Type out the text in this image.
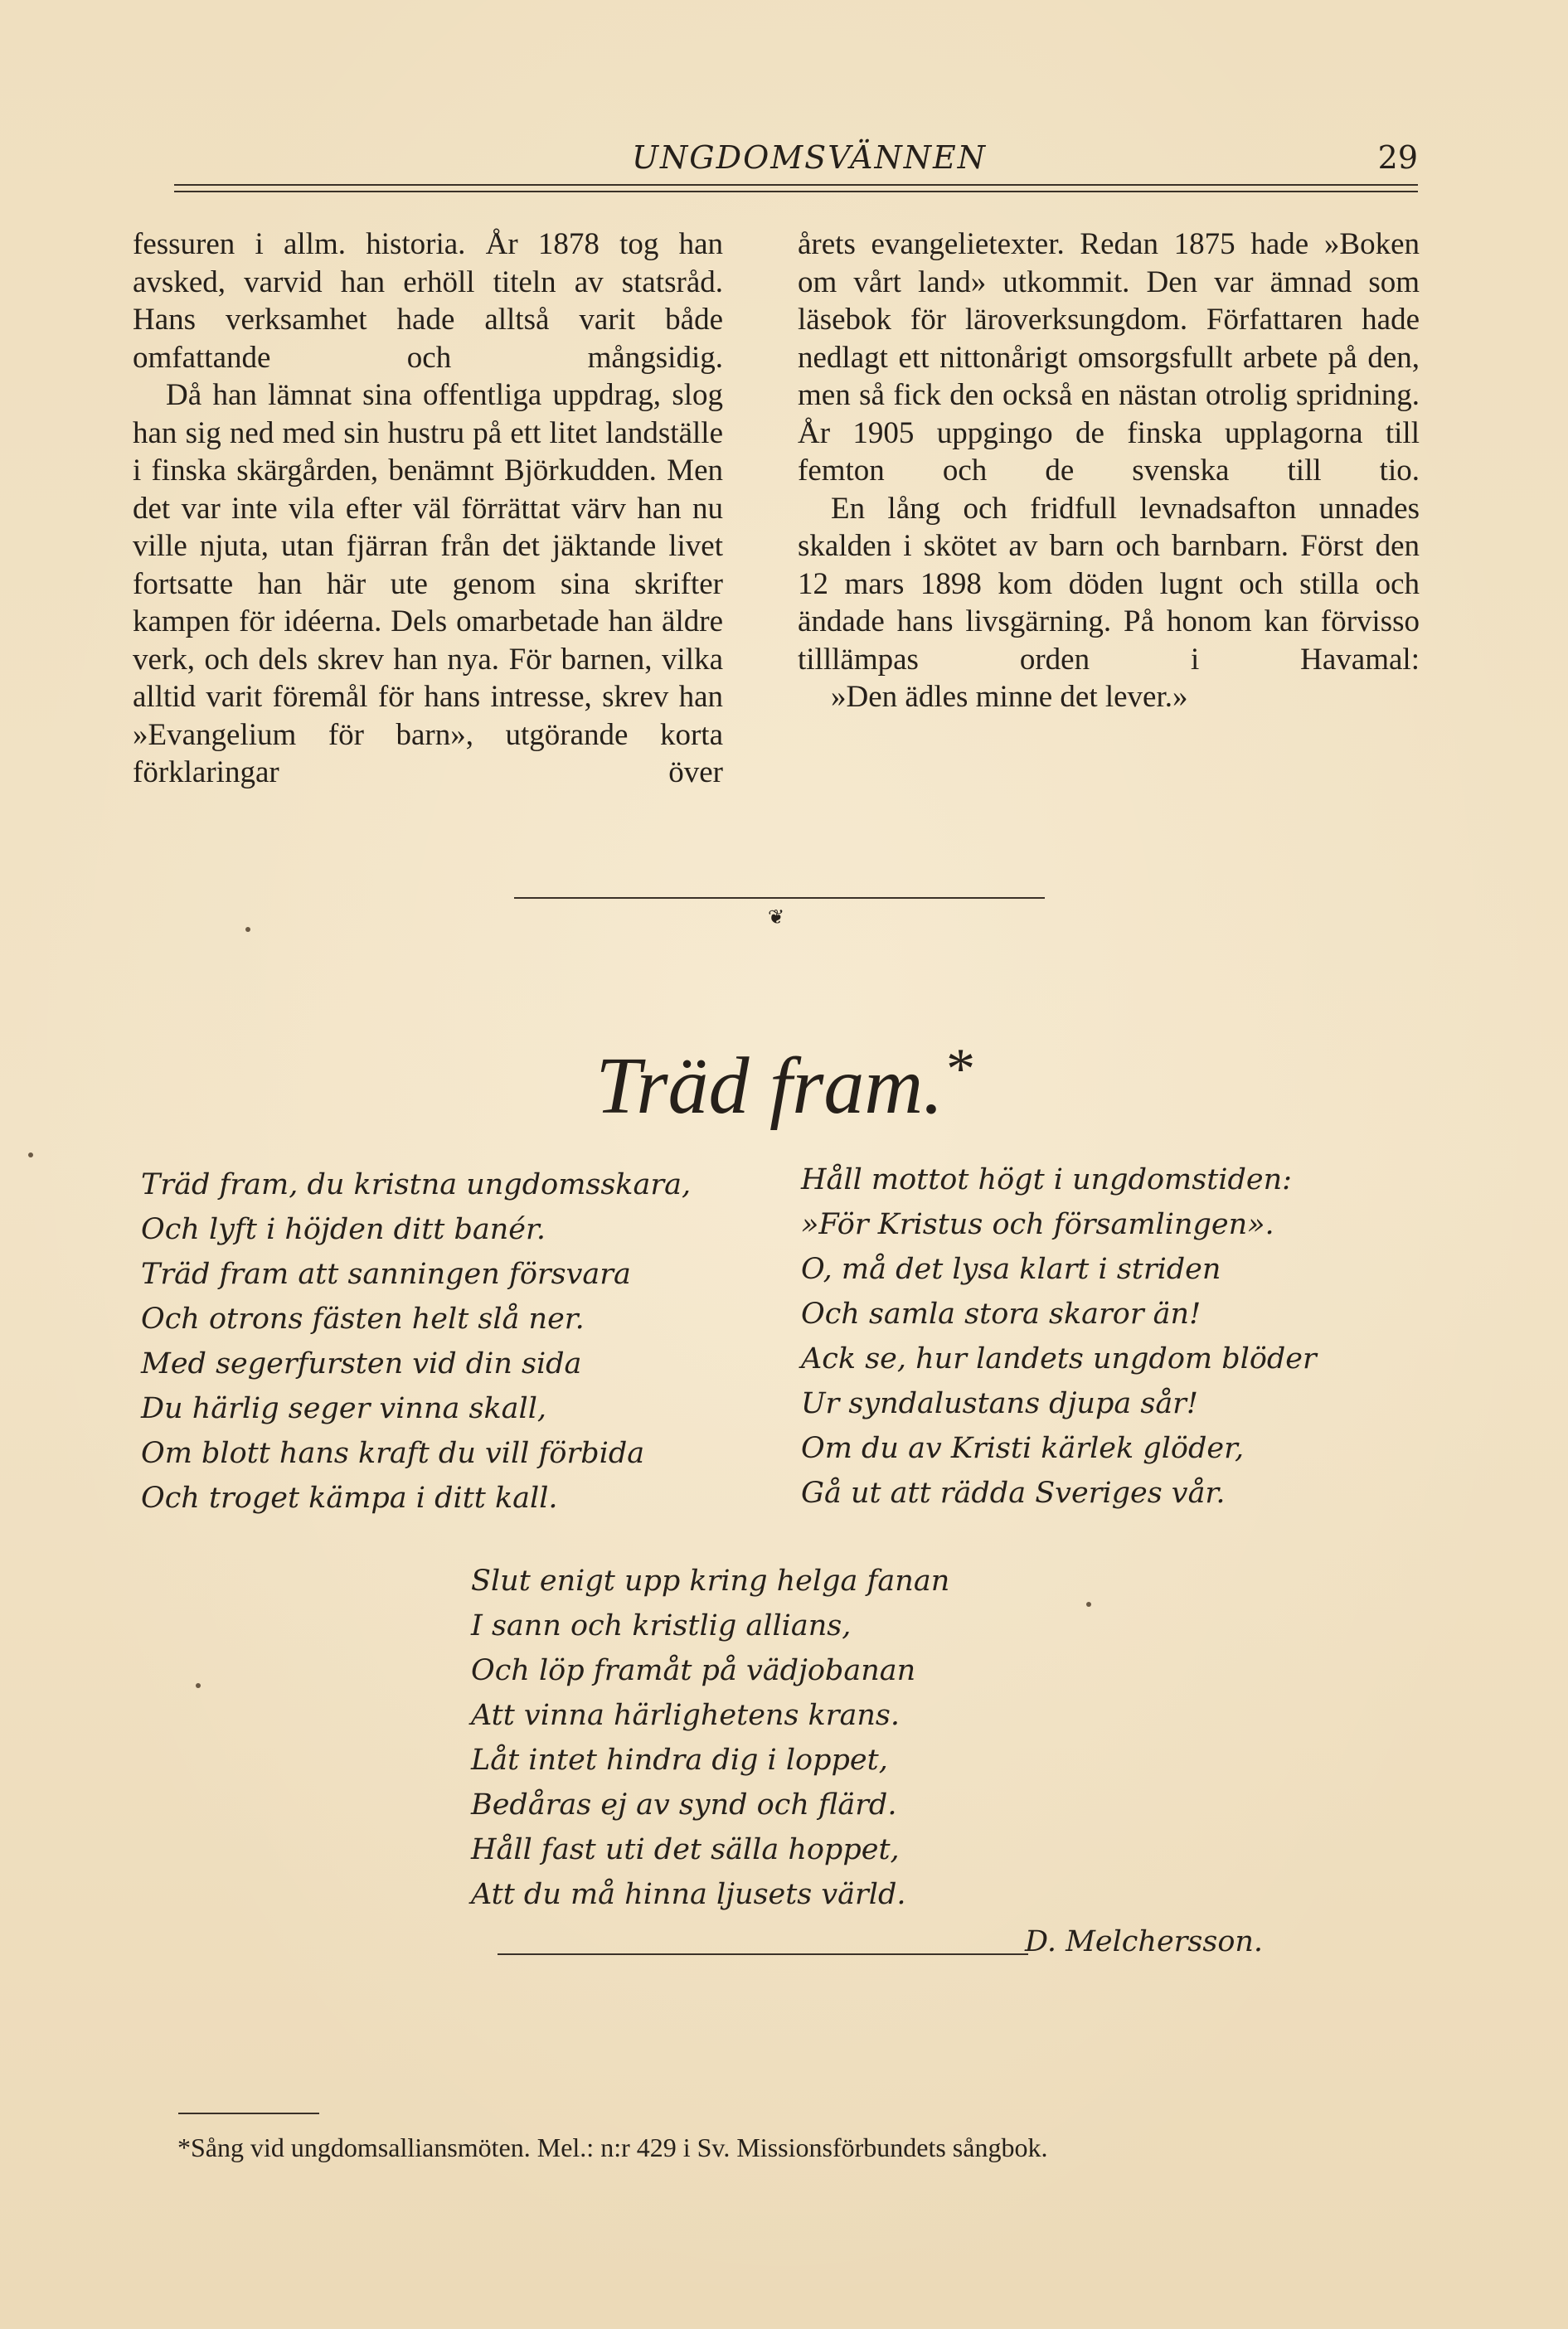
UNGDOMSVÄNNEN	29

fessuren i allm. historia. År 1878 tog han avsked, varvid han erhöll titeln av statsråd. Hans verksamhet hade alltså varit både omfattande och mångsidig.

Då han lämnat sina offentliga uppdrag, slog han sig ned med sin hustru på ett litet landställe i finska skärgården, benämnt Björkudden. Men det var inte vila efter väl förrättat värv han nu ville njuta, utan fjärran från det jäktande livet fortsatte han här ute genom sina skrifter kampen för idéerna. Dels omarbetade han äldre verk, och dels skrev han nya. För barnen, vilka alltid varit föremål för hans intresse, skrev han »Evangelium för barn», utgörande korta förklaringar över

årets evangelietexter. Redan 1875 hade »Boken om vårt land» utkommit. Den var ämnad som läsebok för läroverksungdom. Författaren hade nedlagt ett nittonårigt omsorgsfullt arbete på den, men så fick den också en nästan otrolig spridning. År 1905 uppgingo de finska upplagorna till femton och de svenska till tio.

En lång och fridfull levnadsafton unnades skalden i skötet av barn och barnbarn. Först den 12 mars 1898 kom döden lugnt och stilla och ändade hans livsgärning. På honom kan förvisso tilllämpas orden i Havamal:

»Den ädles minne det lever.»

❦
Träd fram.*
Träd fram, du kristna ungdomsskara,
Och lyft i höjden ditt banér.
Träd fram att sanningen försvara
Och otrons fästen helt slå ner.
Med segerfursten vid din sida
Du härlig seger vinna skall,
Om blott hans kraft du vill förbida
Och troget kämpa i ditt kall.
Håll mottot högt i ungdomstiden:
»För Kristus och församlingen».
O, må det lysa klart i striden
Och samla stora skaror än!
Ack se, hur landets ungdom blöder
Ur syndalustans djupa sår!
Om du av Kristi kärlek glöder,
Gå ut att rädda Sveriges vår.
Slut enigt upp kring helga fanan
I sann och kristlig allians,
Och löp framåt på vädjobanan
Att vinna härlighetens krans.
Låt intet hindra dig i loppet,
Bedåras ej av synd och flärd.
Håll fast uti det sälla hoppet,
Att du må hinna ljusets värld.
D. Melchersson.
*Sång vid ungdomsalliansmöten. Mel.: n:r 429 i Sv. Missionsförbundets sångbok.
